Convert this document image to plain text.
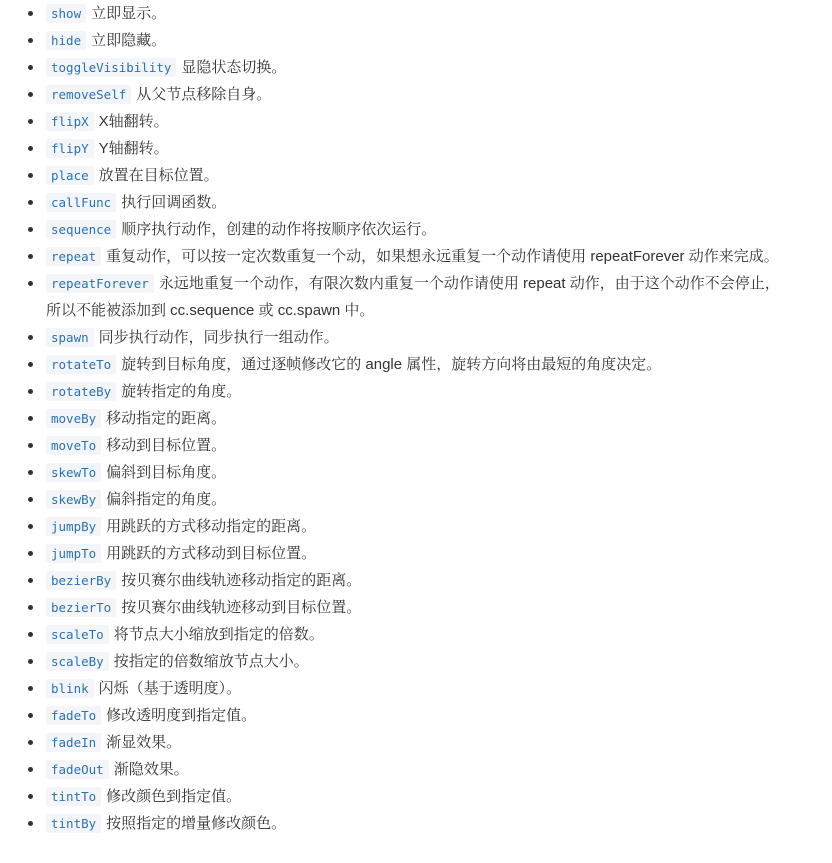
show 立即显示。
hide 立即隐藏。
toggleVisibility 显隐状态切换。
removeSelf 从父节点移除自身。
flipX X轴翻转。
flipY Y轴翻转。
place 放置在目标位置。
callFunc 执行回调函数。
sequence 顺序执行动作，创建的动作将按顺序依次运行。
repeat 重复动作，可以按一定次数重复一个动，如果想永远重复一个动作请使用 repeatForever 动作来完成。
repeatForever 永远地重复一个动作，有限次数内重复一个动作请使用 repeat 动作，由于这个动作不会停止，所以不能被添加到 cc.sequence 或 cc.spawn 中。
spawn 同步执行动作，同步执行一组动作。
rotateTo 旋转到目标角度，通过逐帧修改它的 angle 属性，旋转方向将由最短的角度决定。
rotateBy 旋转指定的角度。
moveBy 移动指定的距离。
moveTo 移动到目标位置。
skewTo 偏斜到目标角度。
skewBy 偏斜指定的角度。
jumpBy 用跳跃的方式移动指定的距离。
jumpTo 用跳跃的方式移动到目标位置。
bezierBy 按贝赛尔曲线轨迹移动指定的距离。
bezierTo 按贝赛尔曲线轨迹移动到目标位置。
scaleTo 将节点大小缩放到指定的倍数。
scaleBy 按指定的倍数缩放节点大小。
blink 闪烁（基于透明度）。
fadeTo 修改透明度到指定值。
fadeIn 渐显效果。
fadeOut 渐隐效果。
tintTo 修改颜色到指定值。
tintBy 按照指定的增量修改颜色。
